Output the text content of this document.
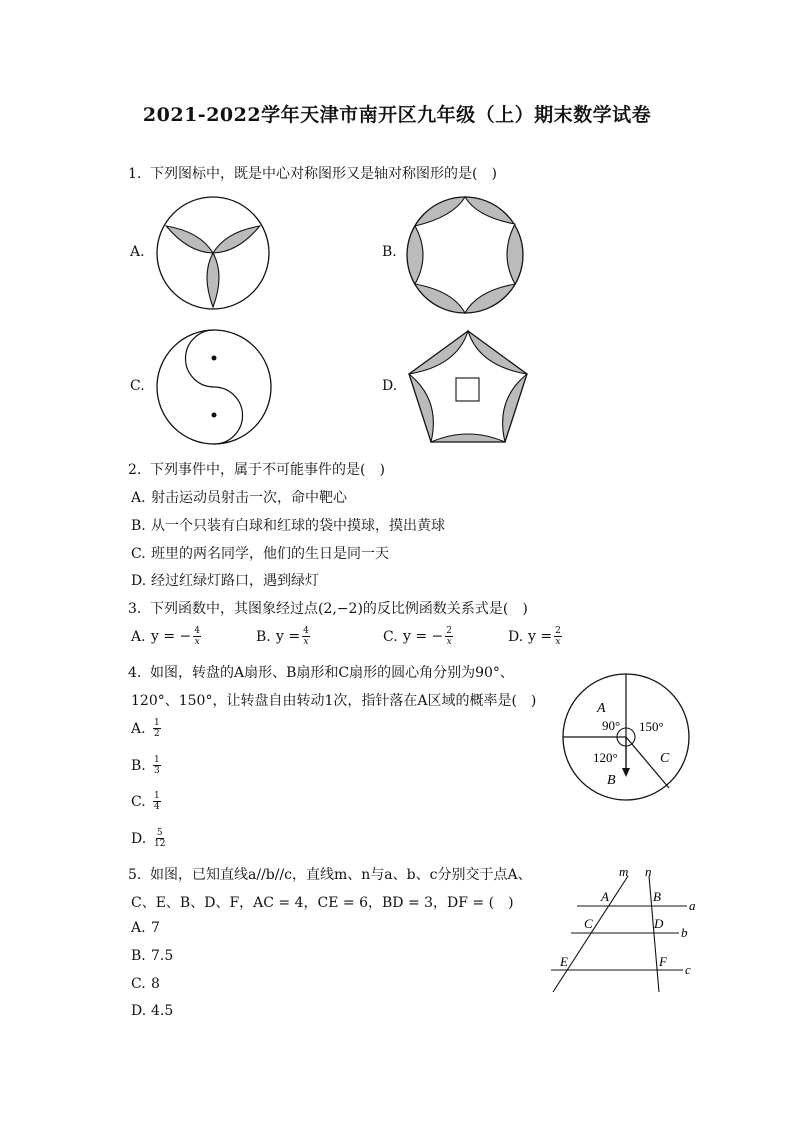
2021-2022学年天津市南开区九年级（上）期末数学试卷
1. 下列图标中，既是中心对称图形又是轴对称图形的是(　)
A.	B.
C.	D.
2. 下列事件中，属于不可能事件的是(　)
A. 射击运动员射击一次，命中靶心
B. 从一个只装有白球和红球的袋中摸球，摸出黄球
C. 班里的两名同学，他们的生日是同一天
D. 经过红绿灯路口，遇到绿灯
3. 下列函数中，其图象经过点(2,−2)的反比例函数关系式是(　)
A. y = − $\frac{4}{x}$	B. $y = \frac{4}{x}$	C. y = − $\frac{2}{x}$	D. $y = \frac{2}{x}$
4. 如图，转盘的A扇形、B扇形和C扇形的圆心角分别为90°、
120°、150°，让转盘自由转动1次，指针落在A区域的概率是(　)
A. $\frac{1}{2}$
B. $\frac{1}{3}$
C. $\frac{1}{4}$
D. $\frac{5}{12}$
A
90° 150°
C
120°
B
5. 如图，已知直线a//b//c，直线m、n与a、b、c分别交于点A、
C、E、B、D、F，AC = 4，CE = 6，BD = 3，DF = (　)
A. 7
B. 7.5
C. 8
D. 4.5
m n
a
b
c
A	B
C	D
E	F
